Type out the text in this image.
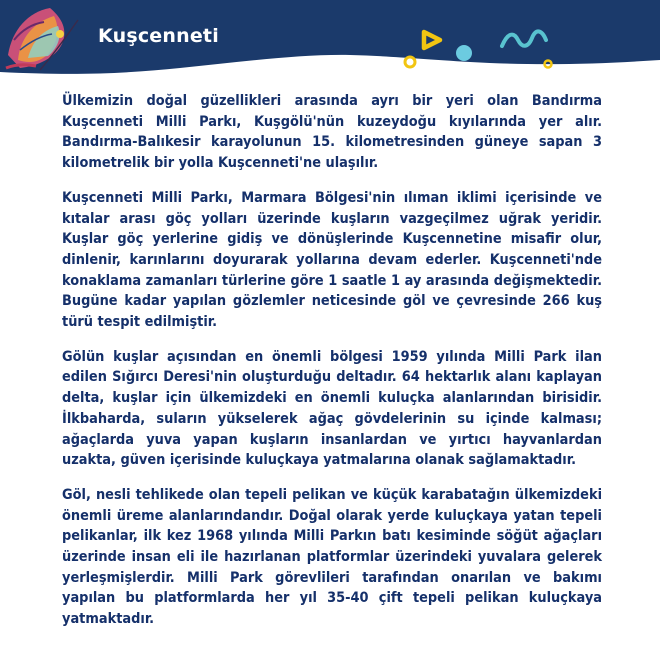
Kuşcenneti

Ülkemizin doğal güzellikleri arasında ayrı bir yeri olan Bandırma Kuşcenneti Milli Parkı, Kuşgölü'nün kuzeydoğu kıyılarında yer alır. Bandırma-Balıkesir karayolunun 15. kilometresinden güneye sapan 3 kilometrelik bir yolla Kuşcenneti'ne ulaşılır.

Kuşcenneti Milli Parkı, Marmara Bölgesi'nin ılıman iklimi içerisinde ve kıtalar arası göç yolları üzerinde kuşların vazgeçilmez uğrak yeridir. Kuşlar göç yerlerine gidiş ve dönüşlerinde Kuşcennetine misafir olur, dinlenir, karınlarını doyurarak yollarına devam ederler. Kuşcenneti'nde konaklama zamanları türlerine göre 1 saatle 1 ay arasında değişmektedir. Bugüne kadar yapılan gözlemler neticesinde göl ve çevresinde 266 kuş türü tespit edilmiştir.

Gölün kuşlar açısından en önemli bölgesi 1959 yılında Milli Park ilan edilen Sığırcı Deresi'nin oluşturduğu deltadır. 64 hektarlık alanı kaplayan delta, kuşlar için ülkemizdeki en önemli kuluçka alanlarından birisidir. İlkbaharda, suların yükselerek ağaç gövdelerinin su içinde kalması; ağaçlarda yuva yapan kuşların insanlardan ve yırtıcı hayvanlardan uzakta, güven içerisinde kuluçkaya yatmalarına olanak sağlamaktadır.

Göl, nesli tehlikede olan tepeli pelikan ve küçük karabatağın ülkemizdeki önemli üreme alanlarındandır. Doğal olarak yerde kuluçkaya yatan tepeli pelikanlar, ilk kez 1968 yılında Milli Parkın batı kesiminde söğüt ağaçları üzerinde insan eli ile hazırlanan platformlar üzerindeki yuvalara gelerek yerleşmişlerdir. Milli Park görevlileri tarafından onarılan ve bakımı yapılan bu platformlarda her yıl 35-40 çift tepeli pelikan kuluçkaya yatmaktadır.
